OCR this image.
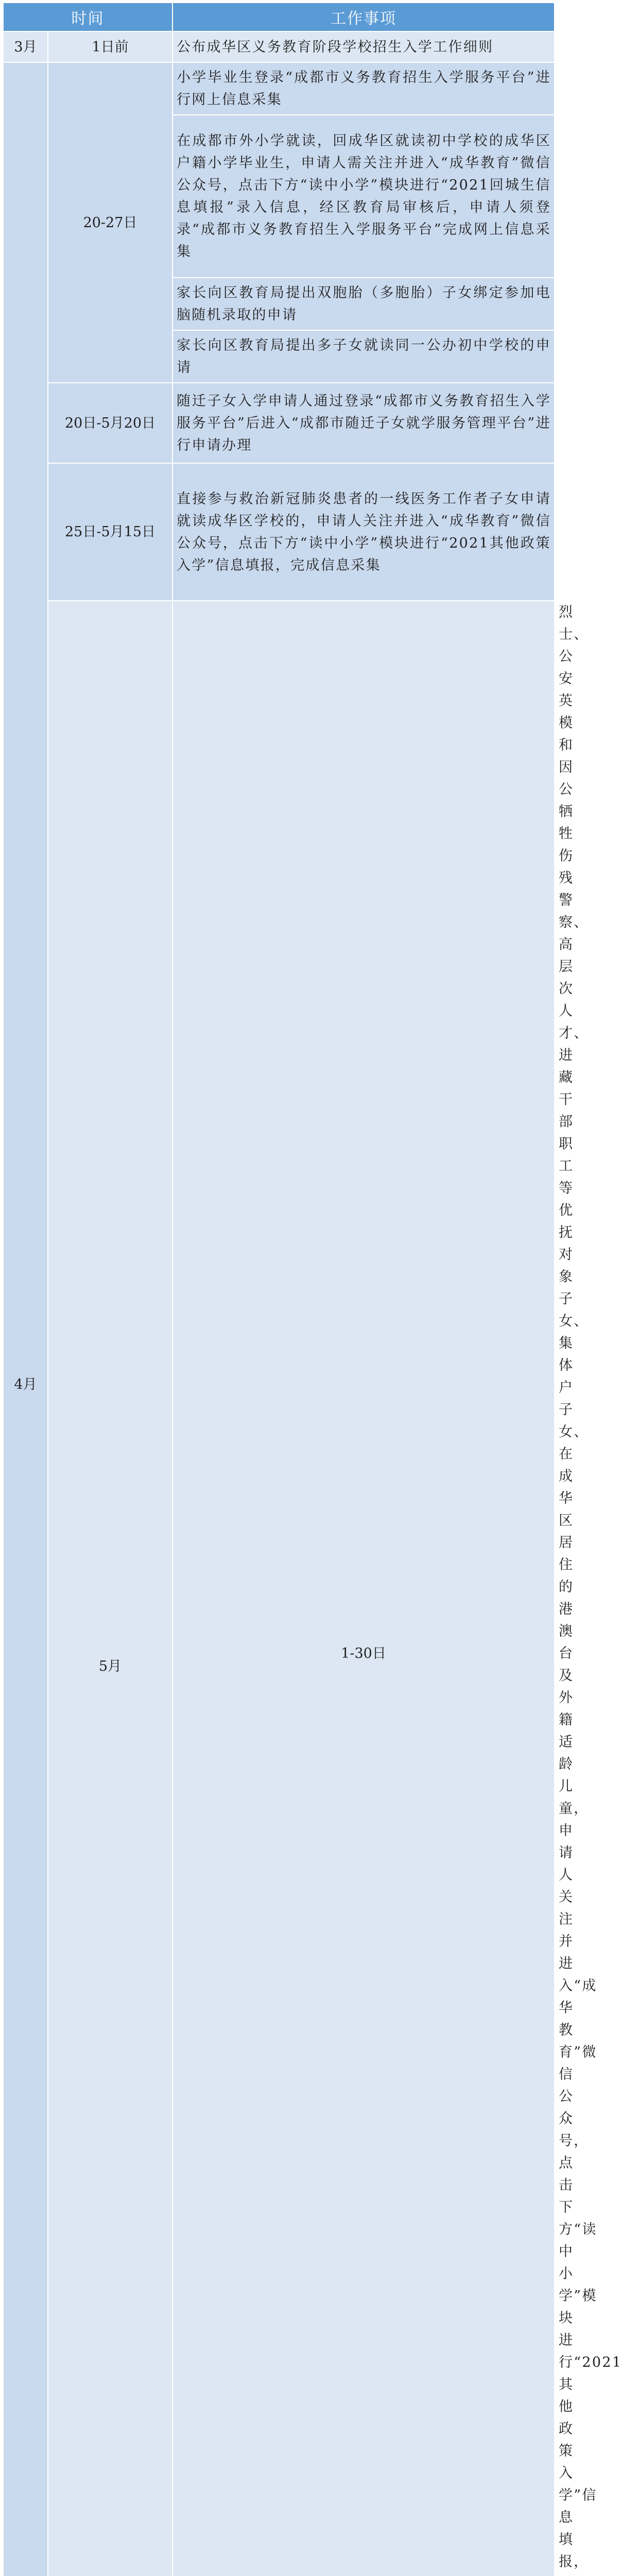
时间		工作事项	
3月	1日前	公布成华区义务教育阶段学校招生入学工作细则	
4月	20-27日	小学毕业生登录“成都市义务教育招生入学服务平台”进行网上信息采集	
		在成都市外小学就读，回成华区就读初中学校的成华区户籍小学毕业生，申请人需关注并进入“成华教育”微信公众号，点击下方“读中小学”模块进行“2021回城生信息填报”录入信息，经区教育局审核后，申请人须登录“成都市义务教育招生入学服务平台”完成网上信息采集	
		家长向区教育局提出双胞胎（多胞胎）子女绑定参加电脑随机录取的申请	
		家长向区教育局提出多子女就读同一公办初中学校的申请	
	20日-5月20日	随迁子女入学申请人通过登录“成都市义务教育招生入学服务平台”后进入“成都市随迁子女就学服务管理平台”进行申请办理	
	25日-5月15日	直接参与救治新冠肺炎患者的一线医务工作者子女申请就读成华区学校的，申请人关注并进入“成华教育”微信公众号，点击下方“读中小学”模块进行“2021其他政策入学”信息填报，完成信息采集	
	5月	1-30日	烈士、公安英模和因公牺牲伤残警察、高层次人才、进藏干部职工等优抚对象子女、集体户子女、在成华区居住的港澳台及外籍适龄儿童，申请人关注并进入“成华教育”微信公众号，点击下方“读中小学”模块进行“2021其他政策入学”信息填报，
